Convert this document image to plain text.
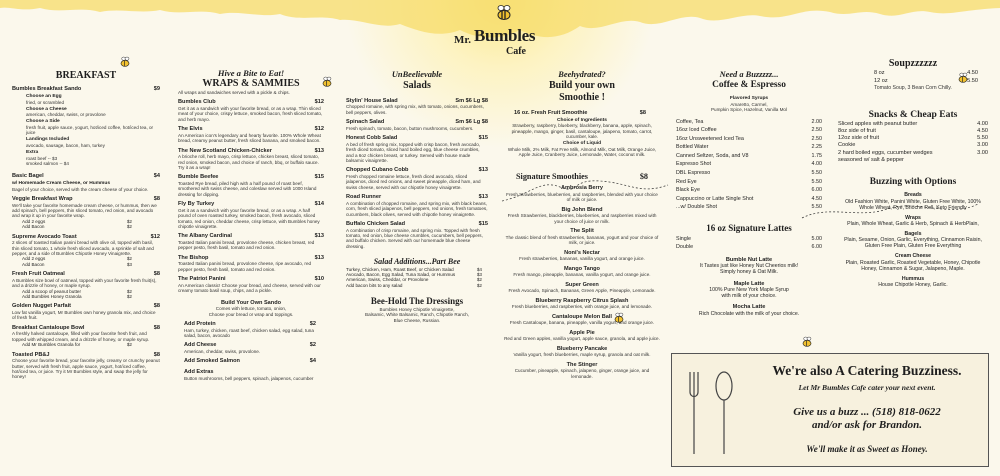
Mr. Bumbles
Cafe
BREAKFAST
Bumbles Breakfast Sando	$9
Choose an Egg
fried, or scrambled
Choose a Cheese
american, cheddar, swiss, or provolone
Choose a Side
fresh fruit, apple sauce, yogurt, hot/iced coffee, hot/iced tea, or juice
Landings Included
avocado, sausage, bacon, ham, turkey
Extra
roast beef -- $3
smoked salmon -- $4
Basic Bagel	$4
w/ Homemade Cream Cheese, or Hummus
Bagel of your choice, served with the cream cheese of your choice.
Veggie Breakfast Wrap	$8
We'll take your favorite homemade cream cheese, or hummus, then we add spinach, bell peppers, thin sliced tomato, red onion, and avocado and wrap it up in your favorite wrap.
Add 2 eggs	$2
Add Bacon	$2
Supreme Avocado Toast	$12
2 slices of toasted Italian panini bread with olive oil, topped with basil, thin sliced tomato, 1 whole fresh sliced avocado, a sprinkle of salt and pepper, and a side of Bumbles Chipotle Honey Vinaigrette.
Add 2 eggs	$2
Add Bacon	$3
Fresh Fruit Oatmeal	$8
A Bumbles size bowl of oatmeal, topped with your favorite fresh fruit(s), and a drizzle of honey, or maple syrup.
Add a scoop of peanut butter	$2
Add Bumbles Honey Granola	$2
Golden Nugget Parfait	$8
Low fat vanilla yogurt, Mr Bumbles own honey granola mix, and choice of fresh fruit.
Breakfast Cantaloupe Bowl	$8
A freshly halved cantaloupe, filled with your favorite fresh fruit, and topped with whipped cream, and a drizzle of honey, or maple syrup.
Add Mr Bumbles Granola for	$2
Toasted PB&J	$8
Choose your favorite bread, your favorite jelly, creamy or crunchy peanut butter, served with fresh fruit, apple sauce, yogurt, hot/iced coffee, hot/iced tea, or juice. Try it Mr Bumbles style, and swap the jelly for honey!
Hive a Bite to Eat!
WRAPS & SAMMIES
All wraps and sandwiches served with a pickle & chips.
Bumbles Club	$12
Get it as a sandwich with your favorite bread, or as a wrap. Thin sliced meat of your choice, crispy lettuce, smoked bacon, fresh sliced tomato, and herb mayo.
The Elvis	$12
An American icon's legendary and hearty favorite. 100% Whole Wheat bread, creamy peanut butter, fresh sliced banana, and smoked bacon.
The New Scotland Chicken-Chicker	$13
A brioche roll, herb mayo, crisp lettuce, chicken breast, sliced tomato, red onion, smoked bacon, and choice of ranch, bbq, or buffalo sauce. Try it as a wrap!
Bumble Beefee	$15
Toasted Rye bread, piled high with a half pound of roast beef, smothered with swiss cheese, and coleslaw served with 1000 Island dressing for dipping.
Fly By Turkey	$14
Get it as a sandwich with your favorite bread, or as a wrap. A half pound of oven roasted turkey, smoked bacon, fresh avocado, sliced tomato, red onion, cheddar cheese, crisp lettuce, with Bumbles honey chipotle vinaigrette.
The Albany Cardinal	$13
Toasted Italian panini bread, provolone cheese, chicken breast, red pepper pesto, fresh basil, tomato and red onion.
The Bishop	$13
Toasted Italian panini bread, provolone cheese, ripe avocado, red pepper pesto, fresh basil, tomato and red onion.
The Patriot Panini	$10
An American classic! Choose your bread, and cheese, served with our creamy tomato basil soup, chips, and a pickle.
Build Your Own Sando
Comes with lettuce, tomato, onion,
Choose your bread or wrap and toppings.
Add Protein	$2
Ham, turkey, chicken, roast beef, chicken salad, egg salad, tuna salad, bacon, avocado
Add Cheese	$2
American, cheddar, swiss, provolone.
Add Smoked Salmon	$4
Add Extras
Button mushrooms, bell peppers, spinach, jalapenos, cucumber
UnBeelievable
Salads
Stylin' House Salad	Sm $6 Lg $8
Chopped romaine, with spring mix, with tomato, onions, cucumbers, bell peppers, olives.
Spinach Salad	Sm $6 Lg $8
Fresh spinach, tomato, bacon, button mushrooms, cucumbers.
Honest Cobb Salad	$15
A bed of fresh spring mix, topped with crisp bacon, fresh avocado, fresh diced tomato, sliced hard boiled egg, blue cheese crumbles, and a 6oz chicken breast, or turkey. Served with house made balsamic vinaigrette.
Chopped Cubano Cobb	$13
Fresh chopped romaine lettuce, fresh diced avocado, sliced jalapenos, diced red onions, and sweet pineapple, diced ham, and swiss cheese, served with our chipotle honey vinaigrette.
Road Runner	$13
A combination of chopped romaine, and spring mix, with black beans, corn, fresh sliced jalapenos, bell peppers, red onions, fresh tomatoes, cucumbers, black olives, served with chipotle honey vinaigrette.
Buffalo Chicken Salad	$15
A combination of crisp romaine, and spring mix. Topped with fresh tomato, red onion, blue cheese crumbles, cucumbers, bell peppers, and buffalo chicken. Served with our homemade blue cheese dressing.
Salad Additions...Part Bee
Turkey, Chicken, Ham, Roast Beef, or Chicken Salad	$4
Avocado, Bacon, Egg Salad, Tuna Salad, or Hummus	$3
American, Swiss, Cheddar, or Provolone	$2
Add bacon bits to any salad	$2
Bee-Hold The Dressings
Bumbles Honey Chipotle Vinaigrette,
Balsamic, White Balsamic, Ranch, Chipotle Ranch,
Blue Cheese, Russian.
Beehydrated?
Build your own
Smoothie !
16 oz. Fresh Fruit Smoothie	$8
Choice of Ingredients
Strawberry, raspberry, blueberry, blackberry, banana, apple, spinach, pineapple, mango, ginger, basil, cantaloupe, jalapeno, tomato, carrot, cucumber, kale.
Choice of Liquid
Whole Milk, 2% Milk, Fat Free Milk, Almond Milk, Oat Milk, Orange Juice, Apple Juice, Cranberry Juice, Lemonade, Water, coconut milk.
Signature Smoothies	$8
Ambrosia Berry
Fresh Strawberries, blueberries, and raspberries, blended with your choice of milk or juice.
Big John Blend
Fresh Strawberries, blackberries, blueberries, and raspberries mixed with your choice of juice or milk.
The Split
The classic blend of fresh strawberries, bananas, yogurt and your choice of milk, or juice.
Noni's Nectar
Fresh strawberries, bananas, vanilla yogurt, and orange juice.
Mango Tango
Fresh mango, pineapple, bananas, vanilla yogurt, and orange juice.
Super Green
Fresh Avocado, Spinach, Bananas, Green Apple, Pineapple, Lemonade.
Blueberry Raspberry Citrus Splash
Fresh blueberries, and raspberries, with orange juice, and lemonade.
Cantaloupe Melon Ball
Fresh Cantaloupe, banana, pineapple, vanilla yogurt, and orange juice.
Apple Pie
Red and Green apples, vanilla yogurt, apple sauce, granola, and apple juice.
Blueberry Pancake
Vanilla yogurt, fresh blueberries, maple syrup, granola and oat milk.
The Stinger
Cucumber, pineapple, spinach, jalapeno, ginger, orange juice, and lemonade.
Need a Buzzzzz...
Coffee & Espresso
Flavored Syrups
Amaretto, Carmel,
Pumpkin Spice, Hazelnut, Vanilla Mol
Coffee, Tea	2.00
16oz Iced Coffee	2.50
16oz Unsweetened Iced Tea	2.50
Bottled Water	2.25
Canned Seltzer, Soda, and V8	1.75
Espresso Shot	4.00
DBL Espresso	5.50
Red Eye	5.50
Black Eye	6.00
Cappuccino or Latte Single Shot	4.50
...w/ Double Shot	5.50
16 oz Signature Lattes
Single	5.00
Double	6.00
Bumble Nut Latte
It Tastes just like Honey Nut Cheerios milk!
Simply honey & Oat Milk.
Maple Latte
100% Pure New York Maple Syrup
with milk of your choice.
Mocha Latte
Rich Chocolate with the milk of your choice.
Soupzzzzzz
8 oz	4.50
12 oz	5.50
Tomato Soup, 3 Bean Corn Chilly.
Snacks & Cheap Eats
Sliced apples with peanut butter	4.00
8oz side of fruit	4.50
12oz side of fruit	5.50
Cookie	3.00
2 hard boiled eggs, cucumber wedges	3.00
seasoned w/ salt & pepper
Buzzing with Options
Breads
Old Fashion White, Panini White, Gluten Free White, 100% Whole Wheat, Rye, Brioche Roll, Keto Friendly
Wraps
Plain, Whole Wheat, Garlic & Herb, Spinach & HerbPlain,
Bagels
Plain, Sesame, Onion, Garlic, Everything, Cinnamon Raisin, Gluten Free Plain, Gluten Free Everything
Cream Cheese
Plain, Roasted Garlic, Roasted Vegetable, Honey, Chipotle Honey, Cinnamon & Sugar, Jalapeno, Maple.
Hummus
House Chipotle Honey, Garlic.
We're also A Catering Buzziness.
Let Mr Bumbles Cafe cater your next event.
Give us a buzz ... (518) 818-0622
and/or ask for Brandon.
We'll make it as Sweet as Honey.
